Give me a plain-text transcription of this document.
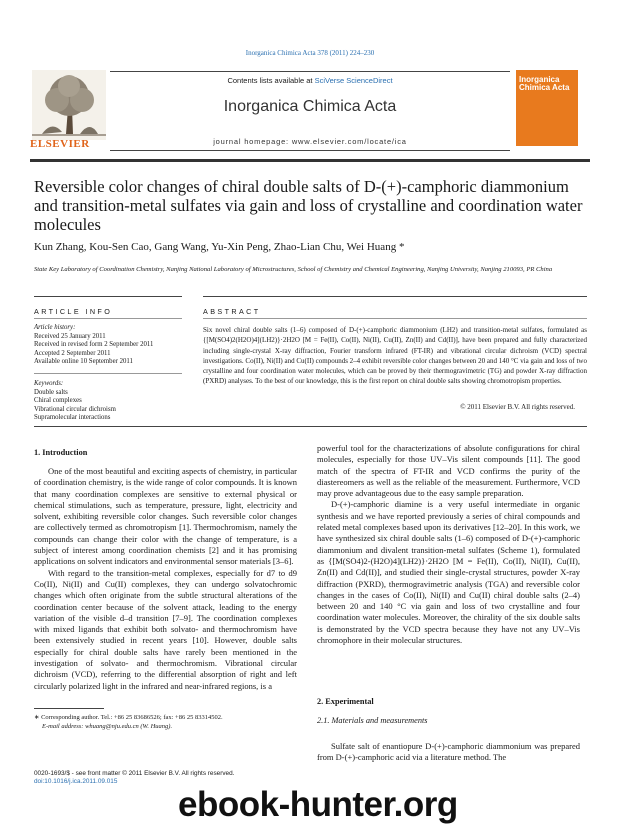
Inorganica Chimica Acta 378 (2011) 224–230
ELSEVIER
Contents lists available at SciVerse ScienceDirect
Inorganica Chimica Acta
journal homepage: www.elsevier.com/locate/ica
Inorganica Chimica Acta
Reversible color changes of chiral double salts of D-(+)-camphoric diammonium and transition-metal sulfates via gain and loss of crystalline and coordination water molecules
Kun Zhang, Kou-Sen Cao, Gang Wang, Yu-Xin Peng, Zhao-Lian Chu, Wei Huang *
State Key Laboratory of Coordination Chemistry, Nanjing National Laboratory of Microstructures, School of Chemistry and Chemical Engineering, Nanjing University, Nanjing 210093, PR China
ARTICLE INFO	ABSTRACT
Article history:
Received 25 January 2011
Received in revised form 2 September 2011
Accepted 2 September 2011
Available online 10 September 2011
Keywords:
Double salts
Chiral complexes
Vibrational circular dichroism
Supramolecular interactions
Six novel chiral double salts (1–6) composed of D-(+)-camphoric diammonium (LH2) and transition-metal sulfates, formulated as {[M(SO4)2(H2O)4](LH2)}·2H2O [M = Fe(II), Co(II), Ni(II), Cu(II), Zn(II) and Cd(II)], have been prepared and fully characterized including single-crystal X-ray diffraction, Fourier transform infrared (FT-IR) and vibrational circular dichroism (VCD) spectral investigations. Co(II), Ni(II) and Cu(II) compounds 2–4 exhibit reversible color changes between 20 and 140 °C via gain and loss of two crystalline and four coordination water molecules, which can be proved by their thermogravimetric (TG) and powder X-ray diffraction (PXRD) analyses. To the best of our knowledge, this is the first report on chiral double salts showing chromotropism properties.
© 2011 Elsevier B.V. All rights reserved.
1. Introduction

One of the most beautiful and exciting aspects of chemistry, in particular of coordination chemistry, is the wide range of color compounds. It is known that many coordination complexes are sensitive to external physical or chemical stimulations, such as temperature, pressure, light, electricity and solvent, exhibiting reversible color changes. Such reversible color changes are collectively termed as chromotropism [1]. Thermochromism, namely the compounds can change their color with the change of temperature, is a subject of interest among coordination chemists [2] and it has promising applications on solvent indicators and environmental sensor materials [3–6].

With regard to the transition-metal complexes, especially for d7 to d9 Co(II), Ni(II) and Cu(II) complexes, they can undergo solvatochromic changes which often originate from the subtle structural alterations of the coordination center because of the solvent attack, leading to the energy variation of the visible d–d transition [7–9]. The coordination complexes with mixed ligands that exhibit both solvato- and thermochromism have been extensively studied in recent years [10]. However, double salts especially for chiral double salts have rarely been mentioned in the investigation of solvato- and thermochromism. Vibrational circular dichroism (VCD), referring to the differential absorption of right and left circularly polarized light in the infrared and near-infrared regions, is a

powerful tool for the characterizations of absolute configurations for chiral molecules, especially for those UV–Vis silent compounds [11]. The good match of the spectra of FT-IR and VCD confirms the purity of the diastereomers as well as the reliable of the measurement. Furthermore, VCD may prove advantageous due to the easy sample preparation.

D-(+)-camphoric diamine is a very useful intermediate in organic synthesis and we have reported previously a series of chiral compounds and related metal complexes based upon its derivatives [12–20]. In this work, we have synthesized six chiral double salts (1–6) composed of D-(+)-camphoric diammonium and divalent transition-metal sulfates (Scheme 1), formulated as {[M(SO4)2-(H2O)4](LH2)}·2H2O [M = Fe(II), Co(II), Ni(II), Cu(II), Zn(II) and Cd(II)], and studied their single-crystal structures, powder X-ray diffraction (PXRD), thermogravimetric analysis (TGA) and reversible color changes in the cases of Co(II), Ni(II) and Cu(II) chiral double salts (2–4) between 20 and 140 °C via gain and loss of two crystalline and four coordination water molecules. Moreover, the chirality of the six double salts is demonstrated by the VCD spectra because they have not any UV–Vis chromophore in their molecular structures.

2. Experimental
2.1. Materials and measurements

Sulfate salt of enantiopure D-(+)-camphoric diammonium was prepared from D-(+)-camphoric acid via a literature method. The

∗ Corresponding author. Tel.: +86 25 83686526; fax: +86 25 83314502.
E-mail address: whuang@nju.edu.cn (W. Huang).
0020-1693/$ - see front matter © 2011 Elsevier B.V. All rights reserved.
doi:10.1016/j.ica.2011.09.015
ebook-hunter.org
